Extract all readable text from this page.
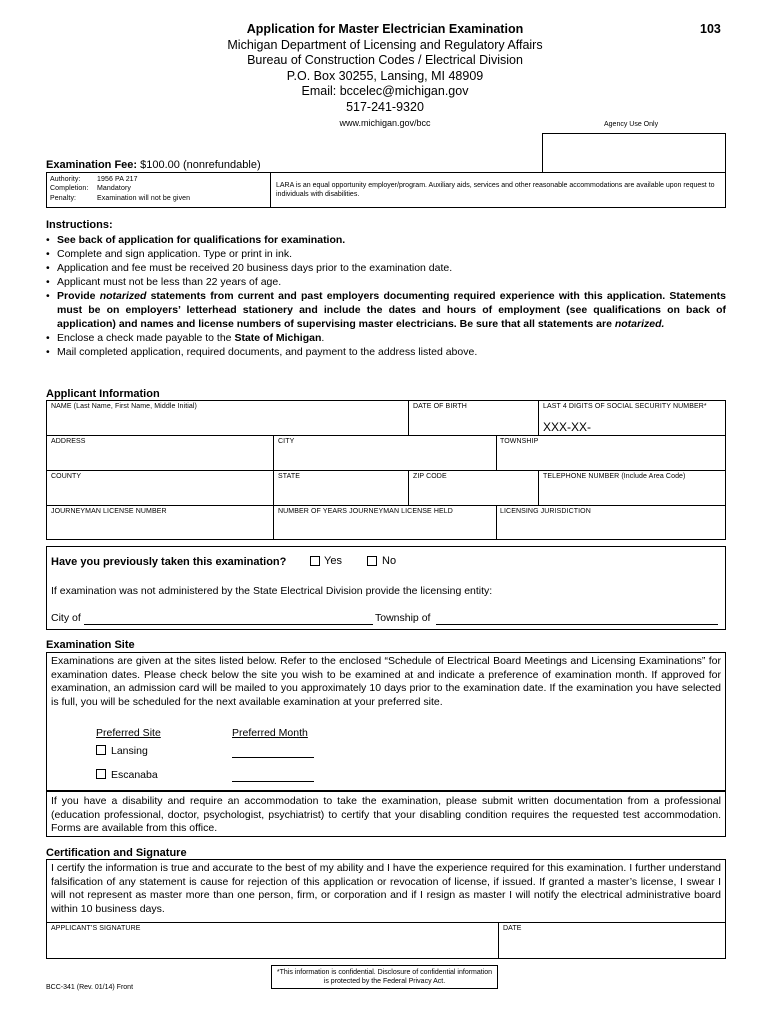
Application for Master Electrician Examination	103
Michigan Department of Licensing and Regulatory Affairs
Bureau of Construction Codes / Electrical Division
P.O. Box 30255, Lansing, MI 48909
Email: bccelec@michigan.gov
517-241-9320
www.michigan.gov/bcc	Agency Use Only
Examination Fee: $100.00 (nonrefundable)
Authority: 1956 PA 217
Completion: Mandatory
Penalty:	Examination will not be given
LARA is an equal opportunity employer/program. Auxiliary aids, services and other reasonable accommodations are available upon request to individuals with disabilities.
Instructions:
• See back of application for qualifications for examination.
• Complete and sign application. Type or print in ink.
• Application and fee must be received 20 business days prior to the examination date.
• Applicant must not be less than 22 years of age.
• Provide notarized statements from current and past employers documenting required experience with this application. Statements must be on employers’ letterhead stationery and include the dates and hours of employment (see qualifications on back of application) and names and license numbers of supervising master electricians. Be sure that all statements are notarized.
• Enclose a check made payable to the State of Michigan.
• Mail completed application, required documents, and payment to the address listed above.
Applicant Information
NAME (Last Name, First Name, Middle Initial)	DATE OF BIRTH	LAST 4 DIGITS OF SOCIAL SECURITY NUMBER*
XXX-XX-
ADDRESS	CITY	TOWNSHIP
COUNTY	STATE	ZIP CODE	TELEPHONE NUMBER (Include Area Code)
JOURNEYMAN LICENSE NUMBER	NUMBER OF YEARS JOURNEYMAN LICENSE HELD	LICENSING JURISDICTION
Have you previously taken this examination?	Yes	No
If examination was not administered by the State Electrical Division provide the licensing entity:
City of	Township of
Examination Site
Examinations are given at the sites listed below. Refer to the enclosed “Schedule of Electrical Board Meetings and Licensing Examinations” for examination dates. Please check below the site you wish to be examined at and indicate a preference of examination month. If approved for examination, an admission card will be mailed to you approximately 10 days prior to the examination date. If the examination you have selected is full, you will be scheduled for the next available examination at your preferred site.
Preferred Site	Preferred Month
Lansing
Escanaba
If you have a disability and require an accommodation to take the examination, please submit written documentation from a professional (education professional, doctor, psychologist, psychiatrist) to certify that your disabling condition requires the requested test accommodation. Forms are available from this office.
Certification and Signature
I certify the information is true and accurate to the best of my ability and I have the experience required for this examination. I further understand falsification of any statement is cause for rejection of this application or revocation of license, if issued. If granted a master’s license, I swear I will not represent as master more than one person, firm, or corporation and if I resign as master I will notify the electrical administrative board within 10 business days.
APPLICANT’S SIGNATURE	DATE
*This information is confidential. Disclosure of confidential information is protected by the Federal Privacy Act.
BCC-341 (Rev. 01/14) Front
